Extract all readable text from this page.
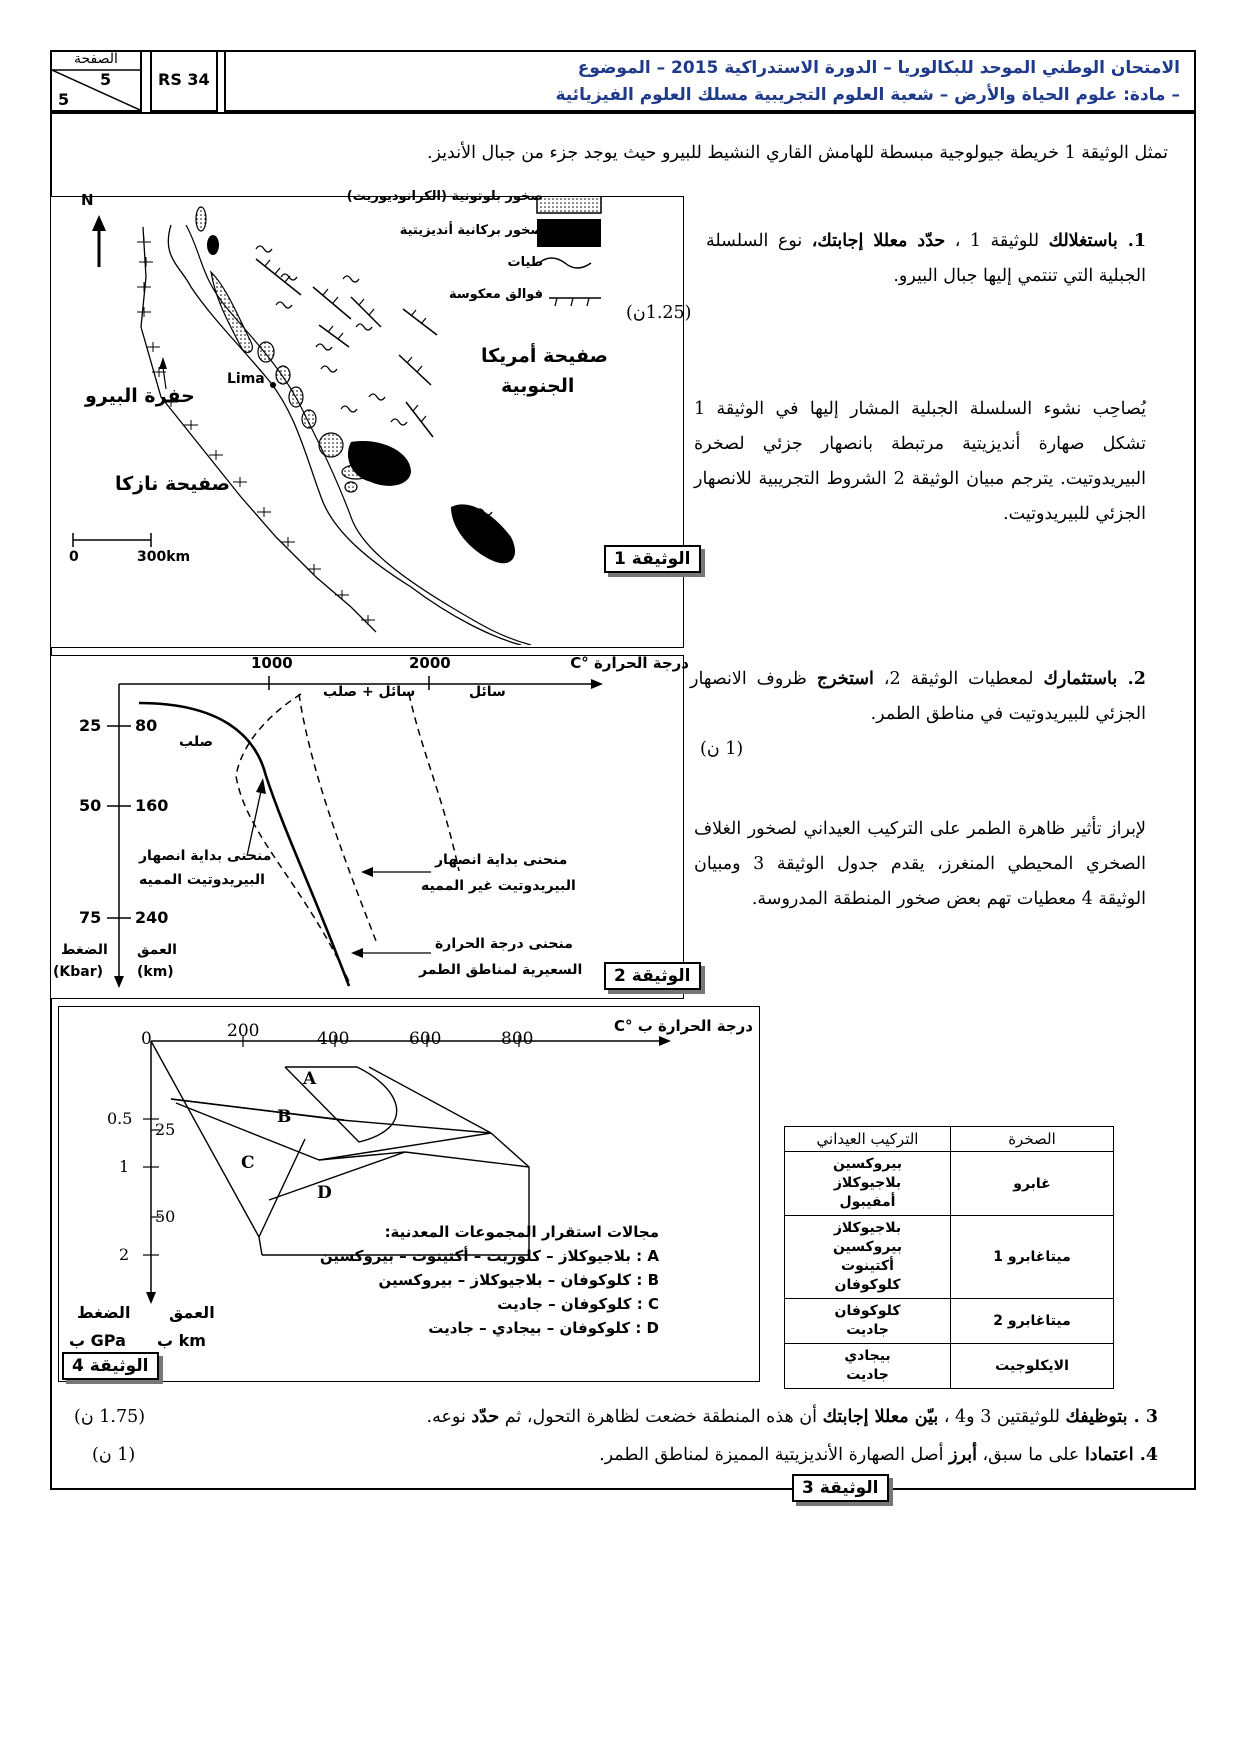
الصفحة
5
5
RS 34
الامتحان الوطني الموحد للبكالوريا – الدورة الاستدراكية 2015 – الموضوع
– مادة: علوم الحياة والأرض – شعبة العلوم التجريبية مسلك العلوم الفيزيائية
تمثل الوثيقة 1 خريطة جيولوجية مبسطة للهامش القاري النشيط للبيرو حيث يوجد جزء من جبال الأنديز.
N	صخور بلوتونية (الكرانوديوريت)
صخور بركانية أنديزيتية
طيات
فوالق معكوسة
صفيحة أمريكا
الجنوبية
حفرة البيرو
صفيحة نازكا
Lima
0	300km	الوثيقة 1
1. باستغلالك للوثيقة 1 ، حدّد معللا إجابتك، نوع السلسلة الجبلية التي تنتمي إليها جبال البيرو.
(1.25ن)
يُصاحِب نشوء السلسلة الجبلية المشار إليها في الوثيقة 1 تشكل صهارة أنديزيتية مرتبطة بانصهار جزئي لصخرة البيريدوتيت. يترجم مبيان الوثيقة 2 الشروط التجريبية للانصهار الجزئي للبيريدوتيت.
درجة الحرارة °C
1000	2000
25 80
50 160
75 240
الضغط
(Kbar)
العمق
(km)
صلب
سائل + صلب	سائل
منحنى بداية انصهار
البيريدوتيت المميه
منحنى بداية انصهار
البيريدوتيت غير المميه
منحنى درجة الحرارة
السعيرية لمناطق الطمر	الوثيقة 2
2. باستثمارك لمعطيات الوثيقة 2، استخرج ظروف الانصهار الجزئي للبيريدوتيت في مناطق الطمر.
(1 ن)
لإبراز تأثير ظاهرة الطمر على التركيب العيداني لصخور الغلاف الصخري المحيطي المنغرز، يقدم جدول الوثيقة 3 ومبيان الوثيقة 4 معطيات تهم بعض صخور المنطقة المدروسة.
درجة الحرارة ب °C
0	200	400	600	800
0.5
1
2
25
50
الضغط
ب GPa
العمق
ب km
A
B
C
D
مجالات استقرار المجموعات المعدنية:
A : بلاجيوكلاز – كلوريت – أكتينوت – بيروكسين
B : كلوكوفان – بلاجيوكلاز – بيروكسين
C : كلوكوفان – جاديت
D : كلوكوفان – بيجادي – جاديت
الوثيقة 4
الصخرة	التركيب العيداني
غابرو	بيروكسين
بلاجيوكلاز
أمفيبول

ميتاغابرو 1	بلاجيوكلاز
بيروكسين
أكتينوت
كلوكوفان

ميتاغابرو 2	كلوكوفان
جاديت

الايكلوجيت	بيجادي
جاديت
الوثيقة 3
3 . بتوظيفك للوثيقتين 3 و4 ، بيّن معللا إجابتك أن هذه المنطقة خضعت لظاهرة التحول، ثم حدّد نوعه.
(1.75 ن)
4. اعتمادا على ما سبق، أبرز أصل الصهارة الأنديزيتية المميزة لمناطق الطمر.
(1 ن)
